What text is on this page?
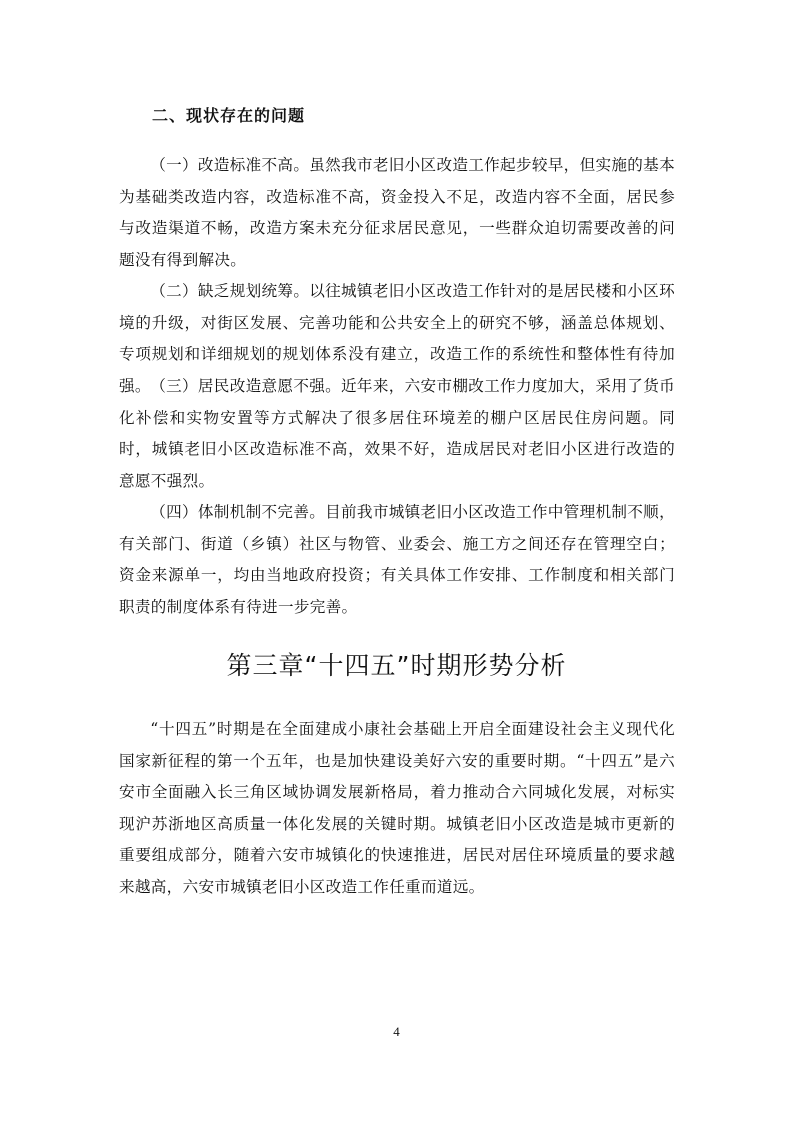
二、现状存在的问题

（一）改造标准不高。虽然我市老旧小区改造工作起步较早，但实施的基本为基础类改造内容，改造标准不高，资金投入不足，改造内容不全面，居民参与改造渠道不畅，改造方案未充分征求居民意见，一些群众迫切需要改善的问题没有得到解决。

（二）缺乏规划统筹。以往城镇老旧小区改造工作针对的是居民楼和小区环境的升级，对街区发展、完善功能和公共安全上的研究不够，涵盖总体规划、专项规划和详细规划的规划体系没有建立，改造工作的系统性和整体性有待加强。 （三）居民改造意愿不强。近年来，六安市棚改工作力度加大，采用了货币化补偿和实物安置等方式解决了很多居住环境差的棚户区居民住房问题。同时，城镇老旧小区改造标准不高，效果不好，造成居民对老旧小区进行改造的意愿不强烈。

（四）体制机制不完善。目前我市城镇老旧小区改造工作中管理机制不顺，有关部门、街道（乡镇）社区与物管、业委会、施工方之间还存在管理空白；资金来源单一，均由当地政府投资；有关具体工作安排、工作制度和相关部门职责的制度体系有待进一步完善。

第三章“十四五”时期形势分析

“十四五”时期是在全面建成小康社会基础上开启全面建设社会主义现代化国家新征程的第一个五年，也是加快建设美好六安的重要时期。“十四五”是六安市全面融入长三角区域协调发展新格局，着力推动合六同城化发展，对标实现沪苏浙地区高质量一体化发展的关键时期。城镇老旧小区改造是城市更新的重要组成部分，随着六安市城镇化的快速推进，居民对居住环境质量的要求越来越高，六安市城镇老旧小区改造工作任重而道远。

4
